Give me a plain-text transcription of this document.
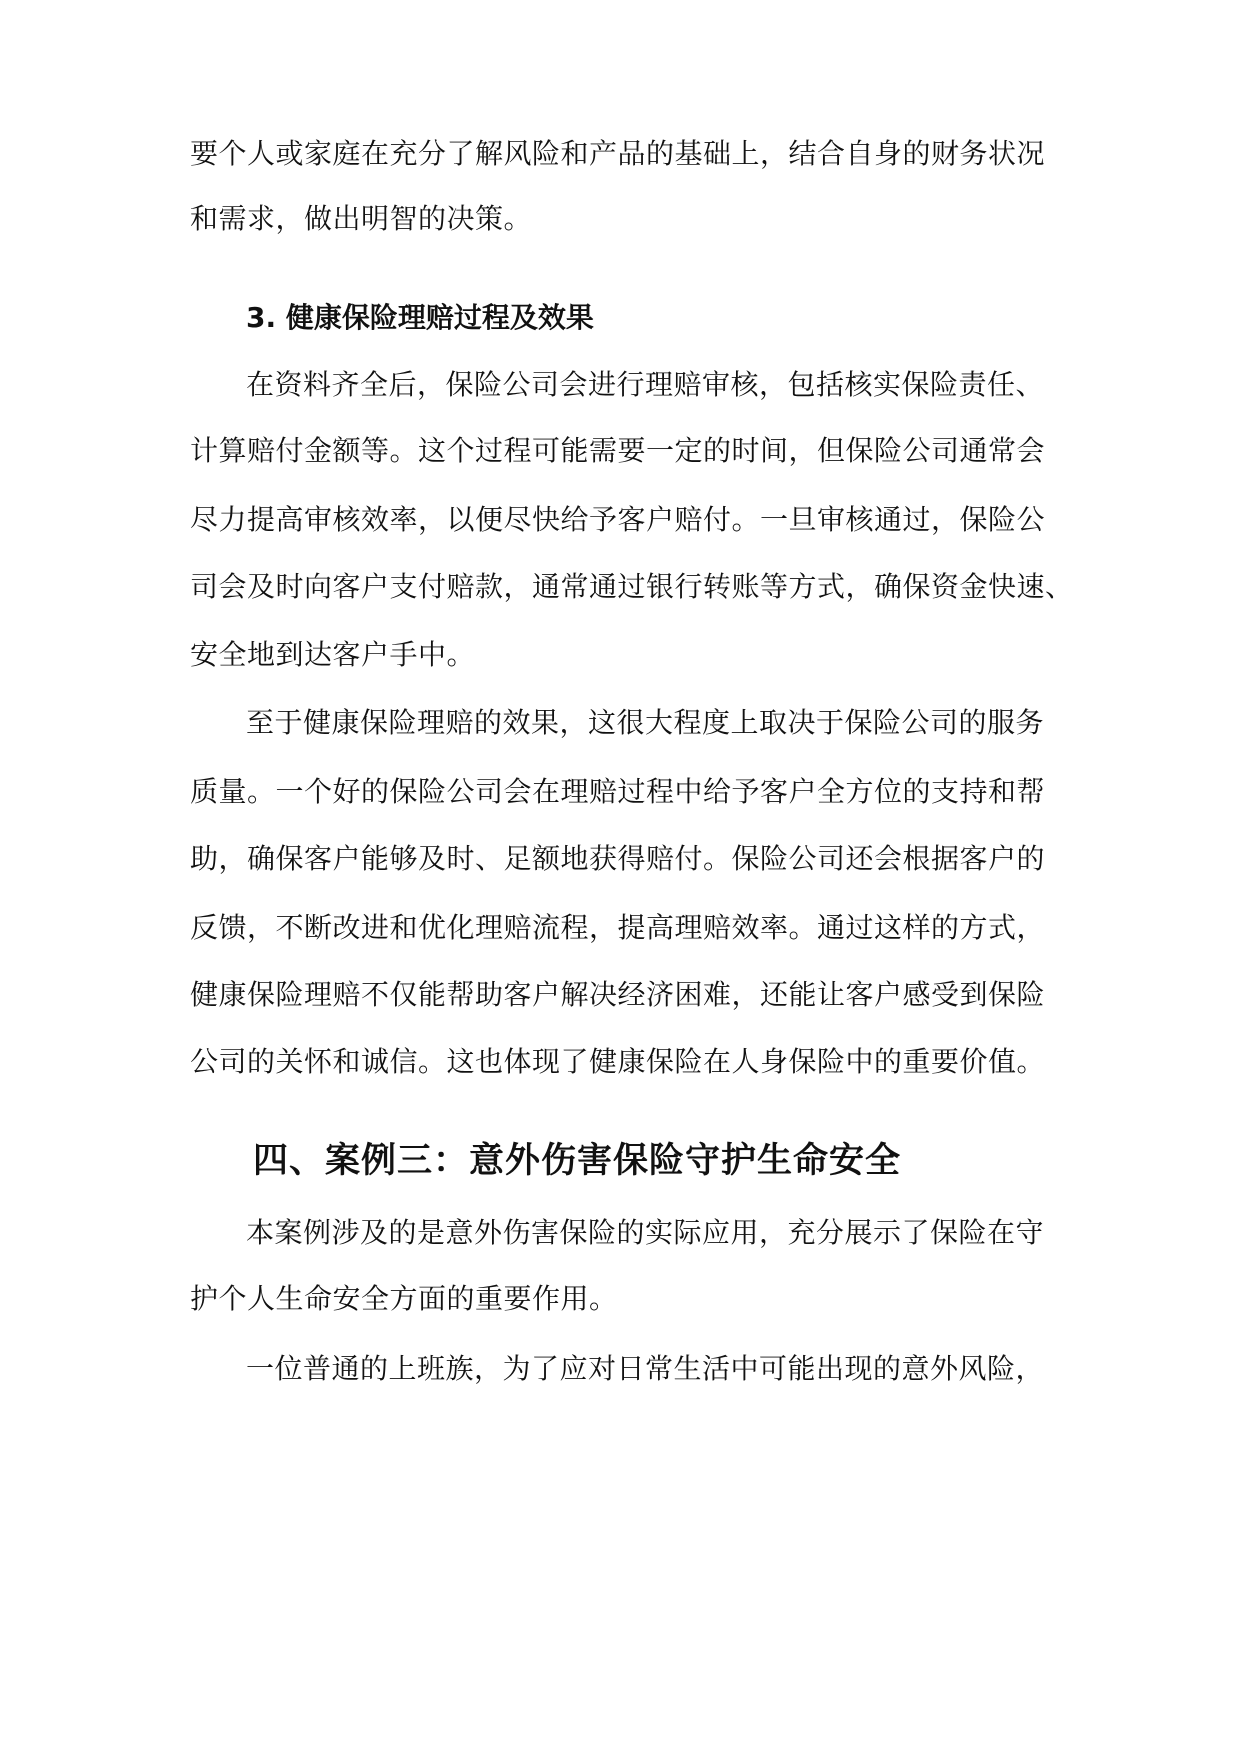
要个人或家庭在充分了解风险和产品的基础上，结合自身的财务状况
和需求，做出明智的决策。
3. 健康保险理赔过程及效果
在资料齐全后，保险公司会进行理赔审核，包括核实保险责任、
计算赔付金额等。这个过程可能需要一定的时间，但保险公司通常会
尽力提高审核效率，以便尽快给予客户赔付。一旦审核通过，保险公
司会及时向客户支付赔款，通常通过银行转账等方式，确保资金快速、
安全地到达客户手中。
至于健康保险理赔的效果，这很大程度上取决于保险公司的服务
质量。一个好的保险公司会在理赔过程中给予客户全方位的支持和帮
助，确保客户能够及时、足额地获得赔付。保险公司还会根据客户的
反馈，不断改进和优化理赔流程，提高理赔效率。通过这样的方式，
健康保险理赔不仅能帮助客户解决经济困难，还能让客户感受到保险
公司的关怀和诚信。这也体现了健康保险在人身保险中的重要价值。
四、案例三：意外伤害保险守护生命安全
本案例涉及的是意外伤害保险的实际应用，充分展示了保险在守
护个人生命安全方面的重要作用。
一位普通的上班族，为了应对日常生活中可能出现的意外风险，
